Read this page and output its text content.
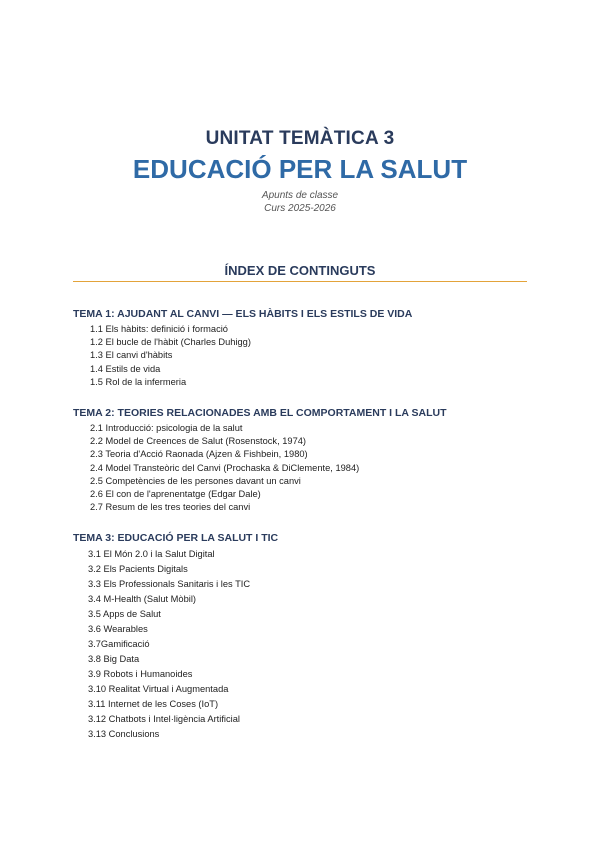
UNITAT TEMÀTICA 3
EDUCACIÓ PER LA SALUT
Apunts de classe
Curs 2025-2026
ÍNDEX DE CONTINGUTS
TEMA 1: AJUDANT AL CANVI — ELS HÀBITS I ELS ESTILS DE VIDA
1.1 Els hàbits: definició i formació
1.2 El bucle de l'hàbit (Charles Duhigg)
1.3 El canvi d'hàbits
1.4 Estils de vida
1.5 Rol de la infermeria
TEMA 2: TEORIES RELACIONADES AMB EL COMPORTAMENT I LA SALUT
2.1 Introducció: psicologia de la salut
2.2 Model de Creences de Salut (Rosenstock, 1974)
2.3 Teoria d'Acció Raonada (Ajzen & Fishbein, 1980)
2.4 Model Transteòric del Canvi (Prochaska & DiClemente, 1984)
2.5 Competències de les persones davant un canvi
2.6 El con de l'aprenentatge (Edgar Dale)
2.7 Resum de les tres teories del canvi
TEMA 3: EDUCACIÓ PER LA SALUT I TIC
3.1 El Món 2.0 i la Salut Digital
3.2 Els Pacients Digitals
3.3 Els Professionals Sanitaris i les TIC
3.4 M-Health (Salut Mòbil)
3.5 Apps de Salut
3.6 Wearables
3.7Gamificació
3.8 Big Data
3.9 Robots i Humanoides
3.10 Realitat Virtual i Augmentada
3.11 Internet de les Coses (IoT)
3.12 Chatbots i Intel·ligència Artificial
3.13 Conclusions
